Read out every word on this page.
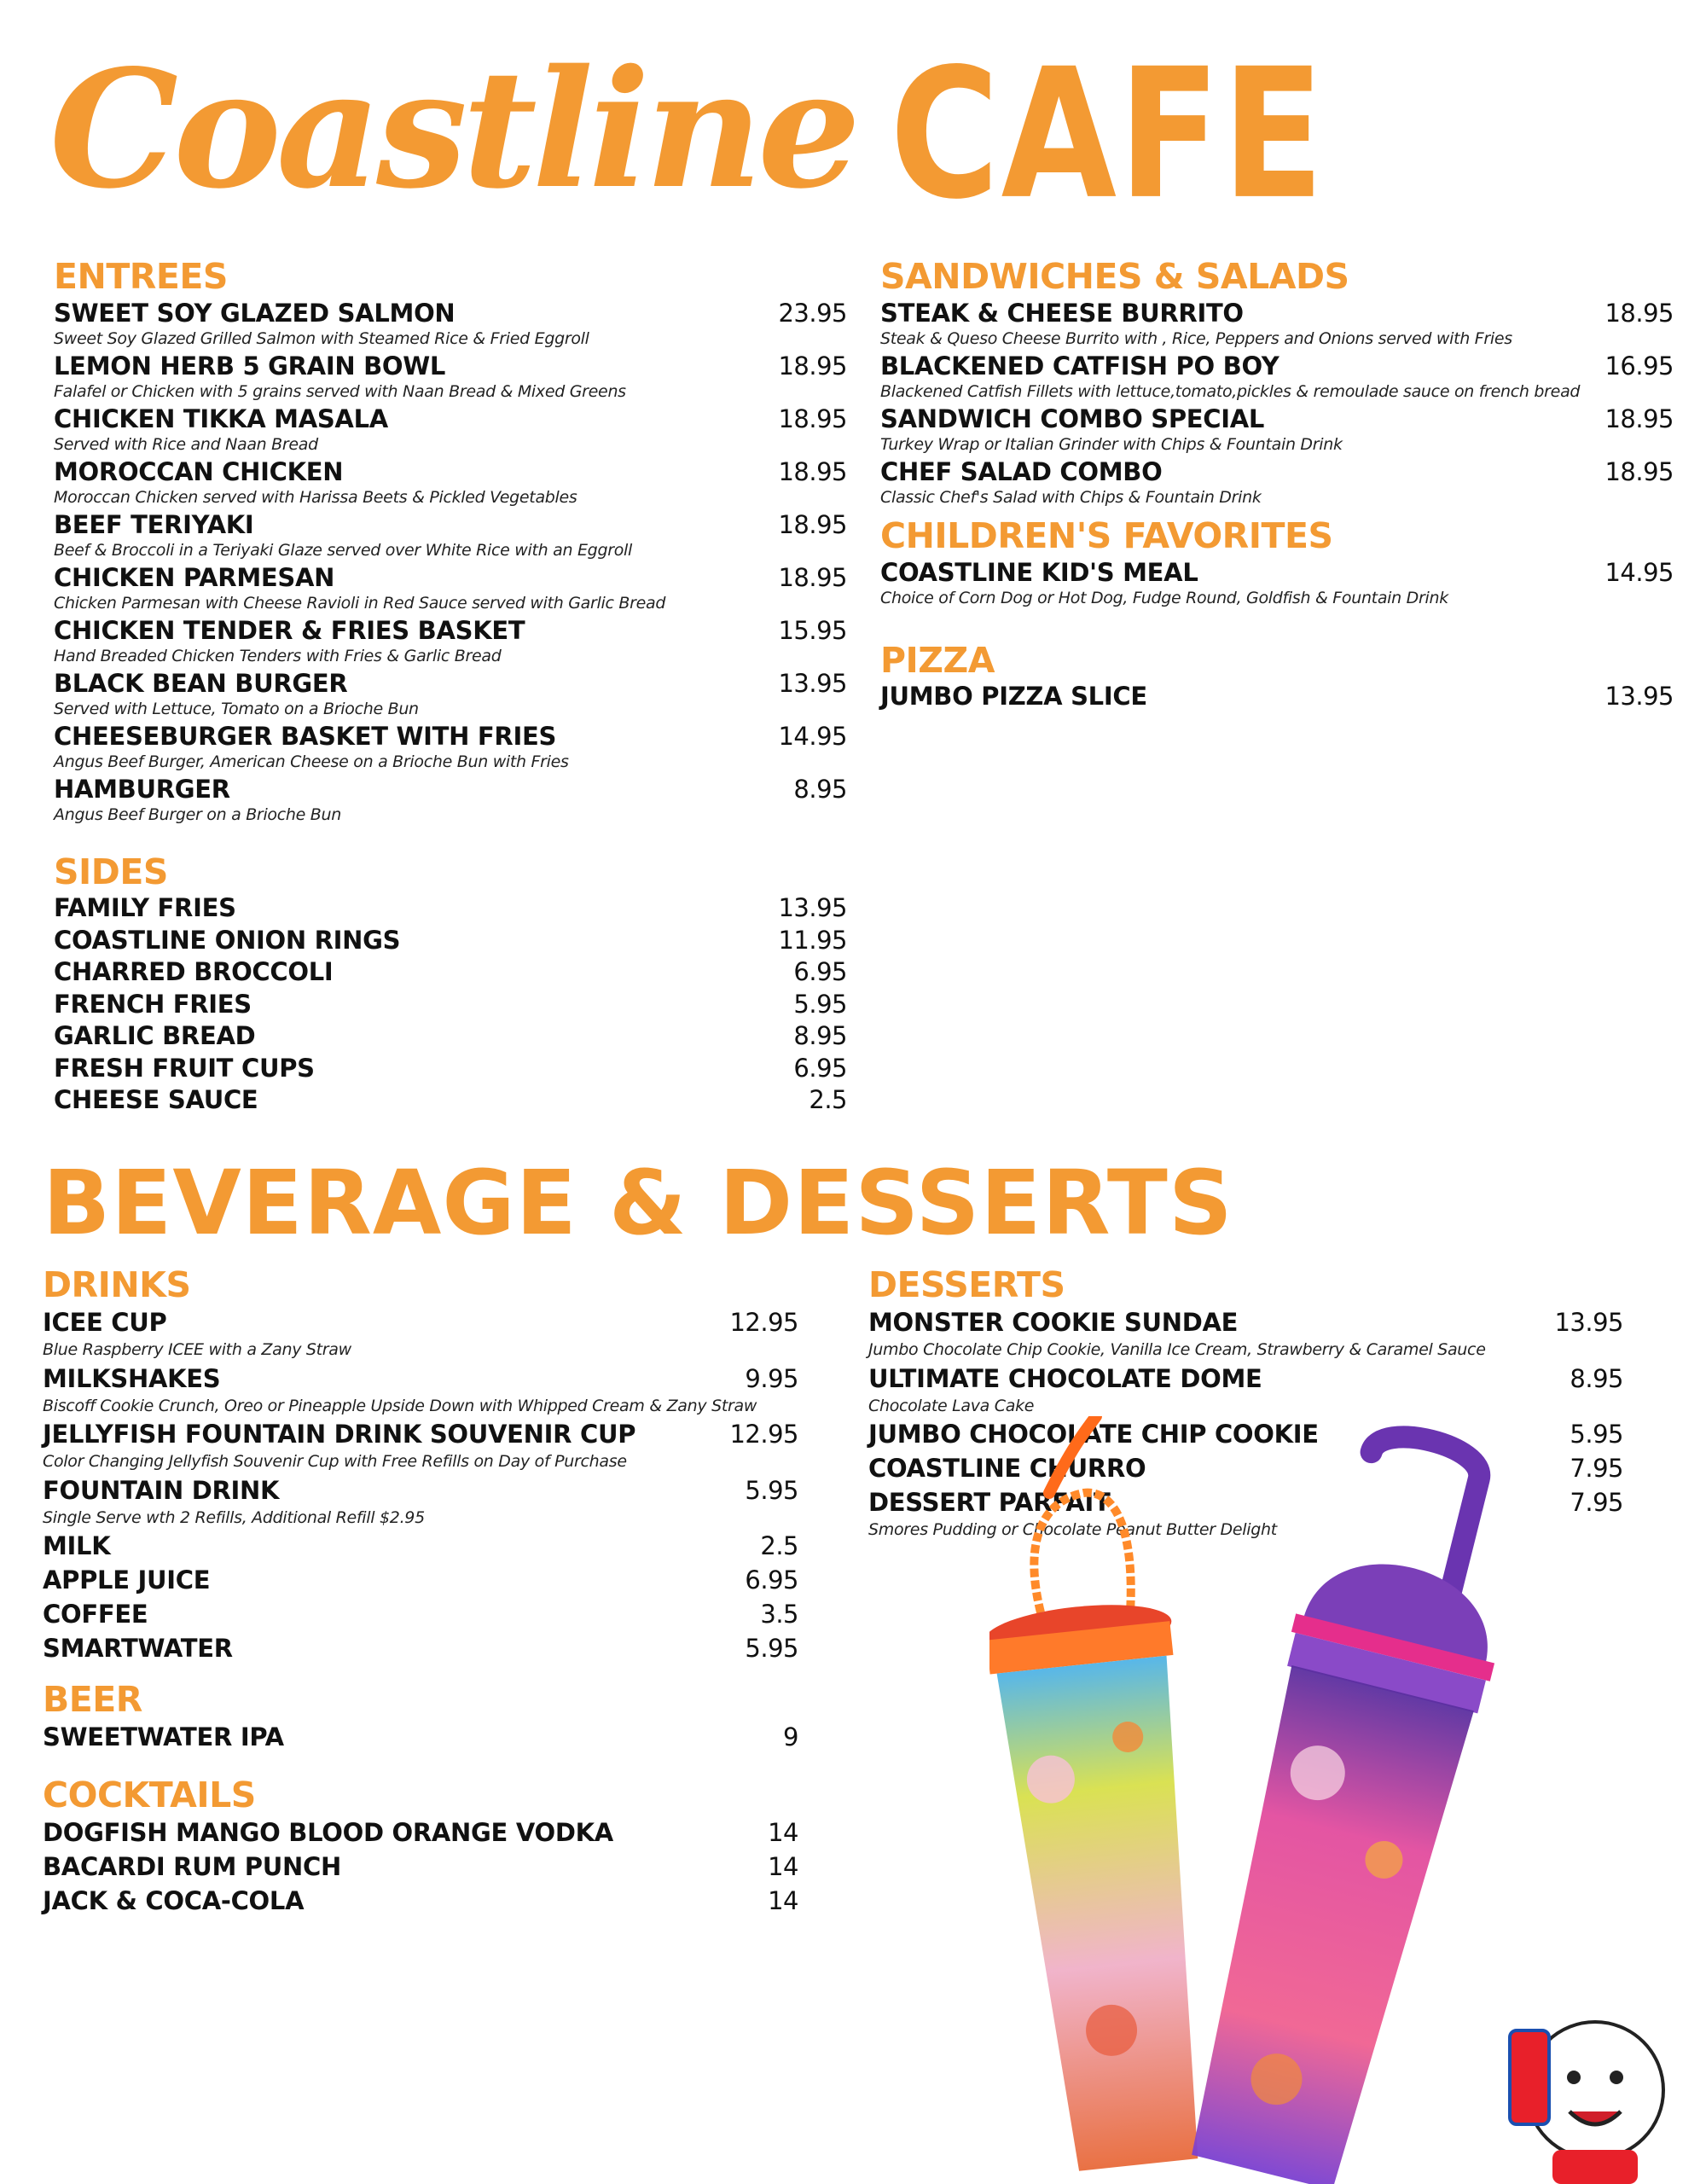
Coastline CAFE
ENTREES
SWEET SOY GLAZED SALMON	23.95
Sweet Soy Glazed Grilled Salmon with Steamed Rice & Fried Eggroll
LEMON HERB 5 GRAIN BOWL	18.95
Falafel or Chicken with 5 grains served with Naan Bread & Mixed Greens
CHICKEN TIKKA MASALA	18.95
Served with Rice and Naan Bread
MOROCCAN CHICKEN	18.95
Moroccan Chicken served with Harissa Beets & Pickled Vegetables
BEEF TERIYAKI	18.95
Beef & Broccoli in a Teriyaki Glaze served over White Rice with an Eggroll
CHICKEN PARMESAN	18.95
Chicken Parmesan with Cheese Ravioli in Red Sauce served with Garlic Bread
CHICKEN TENDER & FRIES BASKET	15.95
Hand Breaded Chicken Tenders with Fries & Garlic Bread
BLACK BEAN BURGER	13.95
Served with Lettuce, Tomato on a Brioche Bun
CHEESEBURGER BASKET WITH FRIES	14.95
Angus Beef Burger, American Cheese on a Brioche Bun with Fries
HAMBURGER	8.95
Angus Beef Burger on a Brioche Bun
SIDES
FAMILY FRIES	13.95
COASTLINE ONION RINGS	11.95
CHARRED BROCCOLI	6.95
FRENCH FRIES	5.95
GARLIC BREAD	8.95
FRESH FRUIT CUPS	6.95
CHEESE SAUCE	2.5
SANDWICHES & SALADS
STEAK & CHEESE BURRITO	18.95
Steak & Queso Cheese Burrito with , Rice, Peppers and Onions served with Fries
BLACKENED CATFISH PO BOY	16.95
Blackened Catfish Fillets with lettuce,tomato,pickles & remoulade sauce on french bread
SANDWICH COMBO SPECIAL	18.95
Turkey Wrap or Italian Grinder with Chips & Fountain Drink
CHEF SALAD COMBO	18.95
Classic Chef's Salad with Chips & Fountain Drink
CHILDREN'S FAVORITES
COASTLINE KID'S MEAL	14.95
Choice of Corn Dog or Hot Dog, Fudge Round, Goldfish & Fountain Drink
PIZZA
JUMBO PIZZA SLICE	13.95
BEVERAGE & DESSERTS
DRINKS
ICEE CUP	12.95
Blue Raspberry ICEE with a Zany Straw
MILKSHAKES	9.95
Biscoff Cookie Crunch, Oreo or Pineapple Upside Down with Whipped Cream & Zany Straw
JELLYFISH FOUNTAIN DRINK SOUVENIR CUP	12.95
Color Changing Jellyfish Souvenir Cup with Free Refills on Day of Purchase
FOUNTAIN DRINK	5.95
Single Serve wth 2 Refills, Additional Refill $2.95
MILK	2.5
APPLE JUICE	6.95
COFFEE	3.5
SMARTWATER	5.95
BEER
SWEETWATER IPA	9
COCKTAILS
DOGFISH MANGO BLOOD ORANGE VODKA	14
BACARDI RUM PUNCH	14
JACK & COCA-COLA	14
DESSERTS
MONSTER COOKIE SUNDAE	13.95
Jumbo Chocolate Chip Cookie, Vanilla Ice Cream, Strawberry & Caramel Sauce
ULTIMATE CHOCOLATE DOME	8.95
Chocolate Lava Cake
JUMBO CHOCOLATE CHIP COOKIE	5.95
COASTLINE CHURRO	7.95
DESSERT PARFAIT	7.95
Smores Pudding or Chocolate Peanut Butter Delight
